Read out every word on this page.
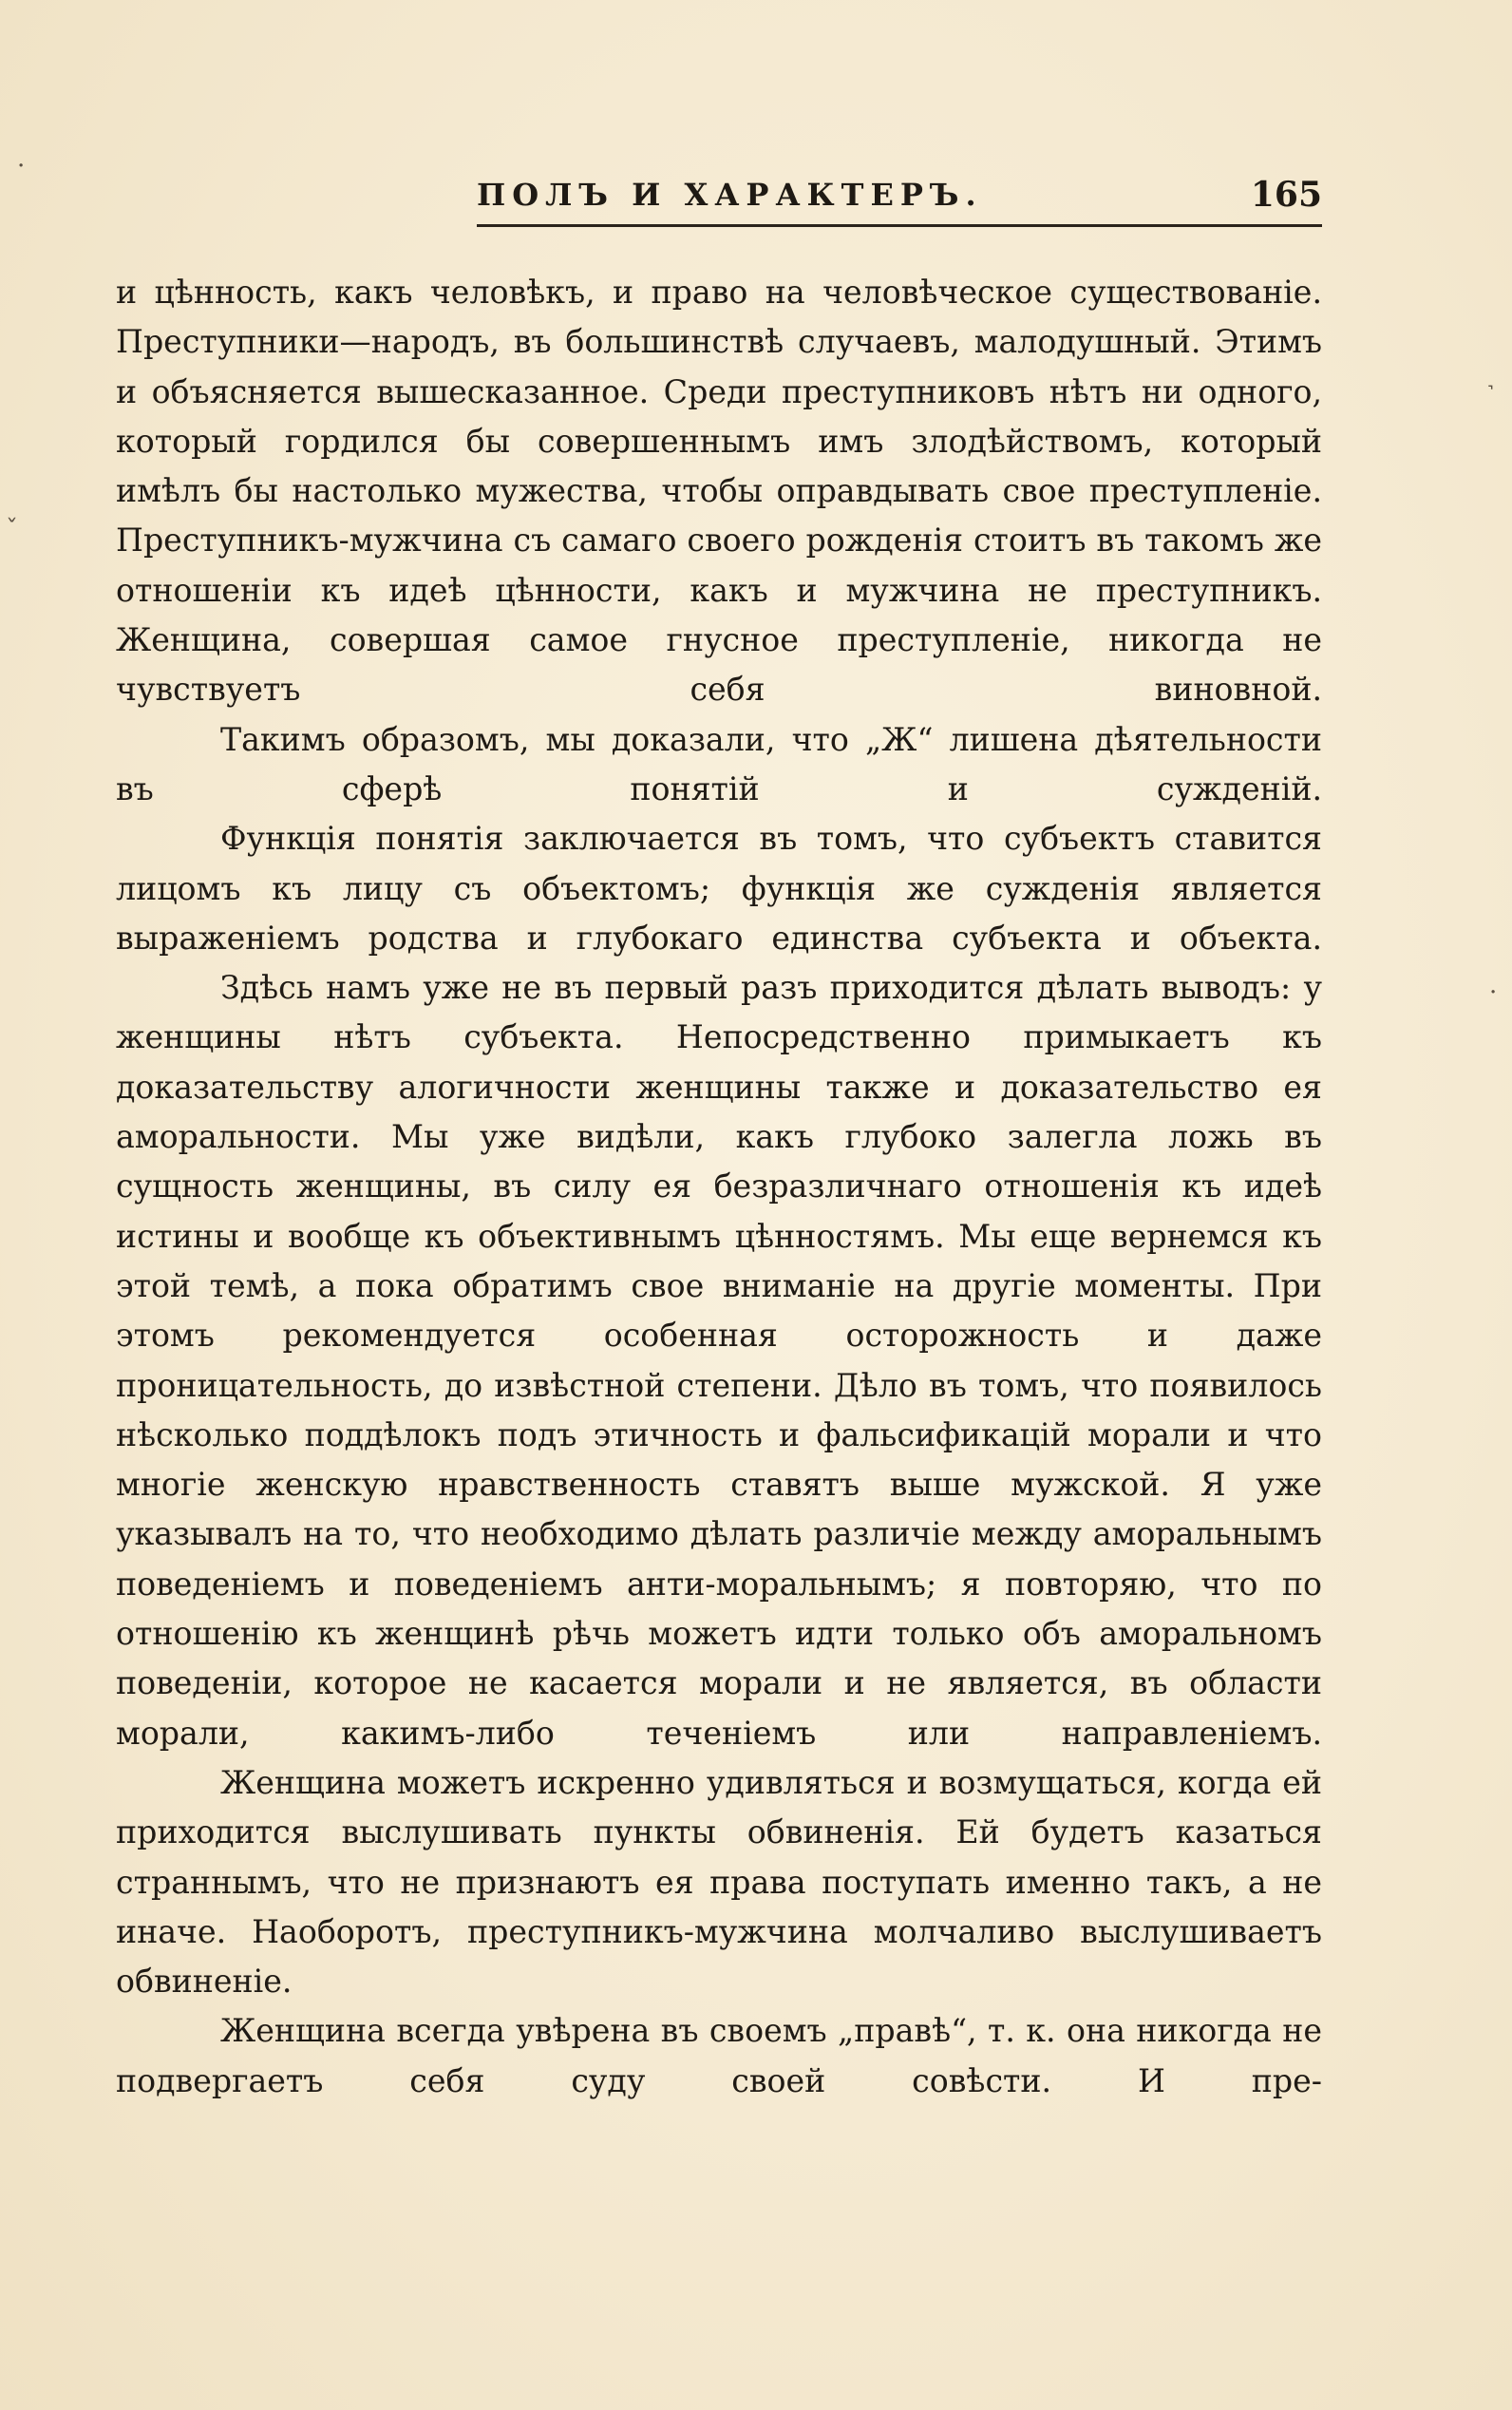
·
˯
˺
·
ПОЛЪ И ХАРАКТЕРЪ.	165

и цѣнность, какъ человѣкъ, и право на человѣческое существованіе. Преступники—народъ, въ большинствѣ случаевъ, малодушный. Этимъ и объясняется вышесказанное. Среди преступниковъ нѣтъ ни одного, который гордился бы совершеннымъ имъ злодѣйствомъ, который имѣлъ бы настолько мужества, чтобы оправдывать свое преступленіе. Преступникъ-мужчина съ самаго своего рожденія стоитъ въ такомъ же отношеніи къ идеѣ цѣнности, какъ и мужчина не преступникъ. Женщина, совершая самое гнусное преступленіе, никогда не чувствуетъ себя виновной.

Такимъ образомъ, мы доказали, что „Ж“ лишена дѣятельности въ сферѣ понятій и сужденій.

Функція понятія заключается въ томъ, что субъектъ ставится лицомъ къ лицу съ объектомъ; функція же сужденія является выраженіемъ родства и глубокаго единства субъекта и объекта.

Здѣсь намъ уже не въ первый разъ приходится дѣлать выводъ: у женщины нѣтъ субъекта. Непосредственно примыкаетъ къ доказательству алогичности женщины также и доказательство ея аморальности. Мы уже видѣли, какъ глубоко залегла ложь въ сущность женщины, въ силу ея безразличнаго отношенія къ идеѣ истины и вообще къ объективнымъ цѣнностямъ. Мы еще вернемся къ этой темѣ, а пока обратимъ свое вниманіе на другіе моменты. При этомъ рекомендуется особенная осторожность и даже проницательность, до извѣстной степени. Дѣло въ томъ, что появилось нѣсколько поддѣлокъ подъ этичность и фальсификацій морали и что многіе женскую нравственность ставятъ выше мужской. Я уже указывалъ на то, что необходимо дѣлать различіе между аморальнымъ поведеніемъ и поведеніемъ анти-моральнымъ; я повторяю, что по отношенію къ женщинѣ рѣчь можетъ идти только объ аморальномъ поведеніи, которое не касается морали и не является, въ области морали, какимъ-либо теченіемъ или направленіемъ.

Женщина можетъ искренно удивляться и возмущаться, когда ей приходится выслушивать пункты обвиненія. Ей будетъ казаться страннымъ, что не признаютъ ея права поступать именно такъ, а не иначе. Наоборотъ, преступникъ-мужчина молчаливо выслушиваетъ обвиненіе.

Женщина всегда увѣрена въ своемъ „правѣ“, т. к. она никогда не подвергаетъ себя суду своей совѣсти. И пре-
